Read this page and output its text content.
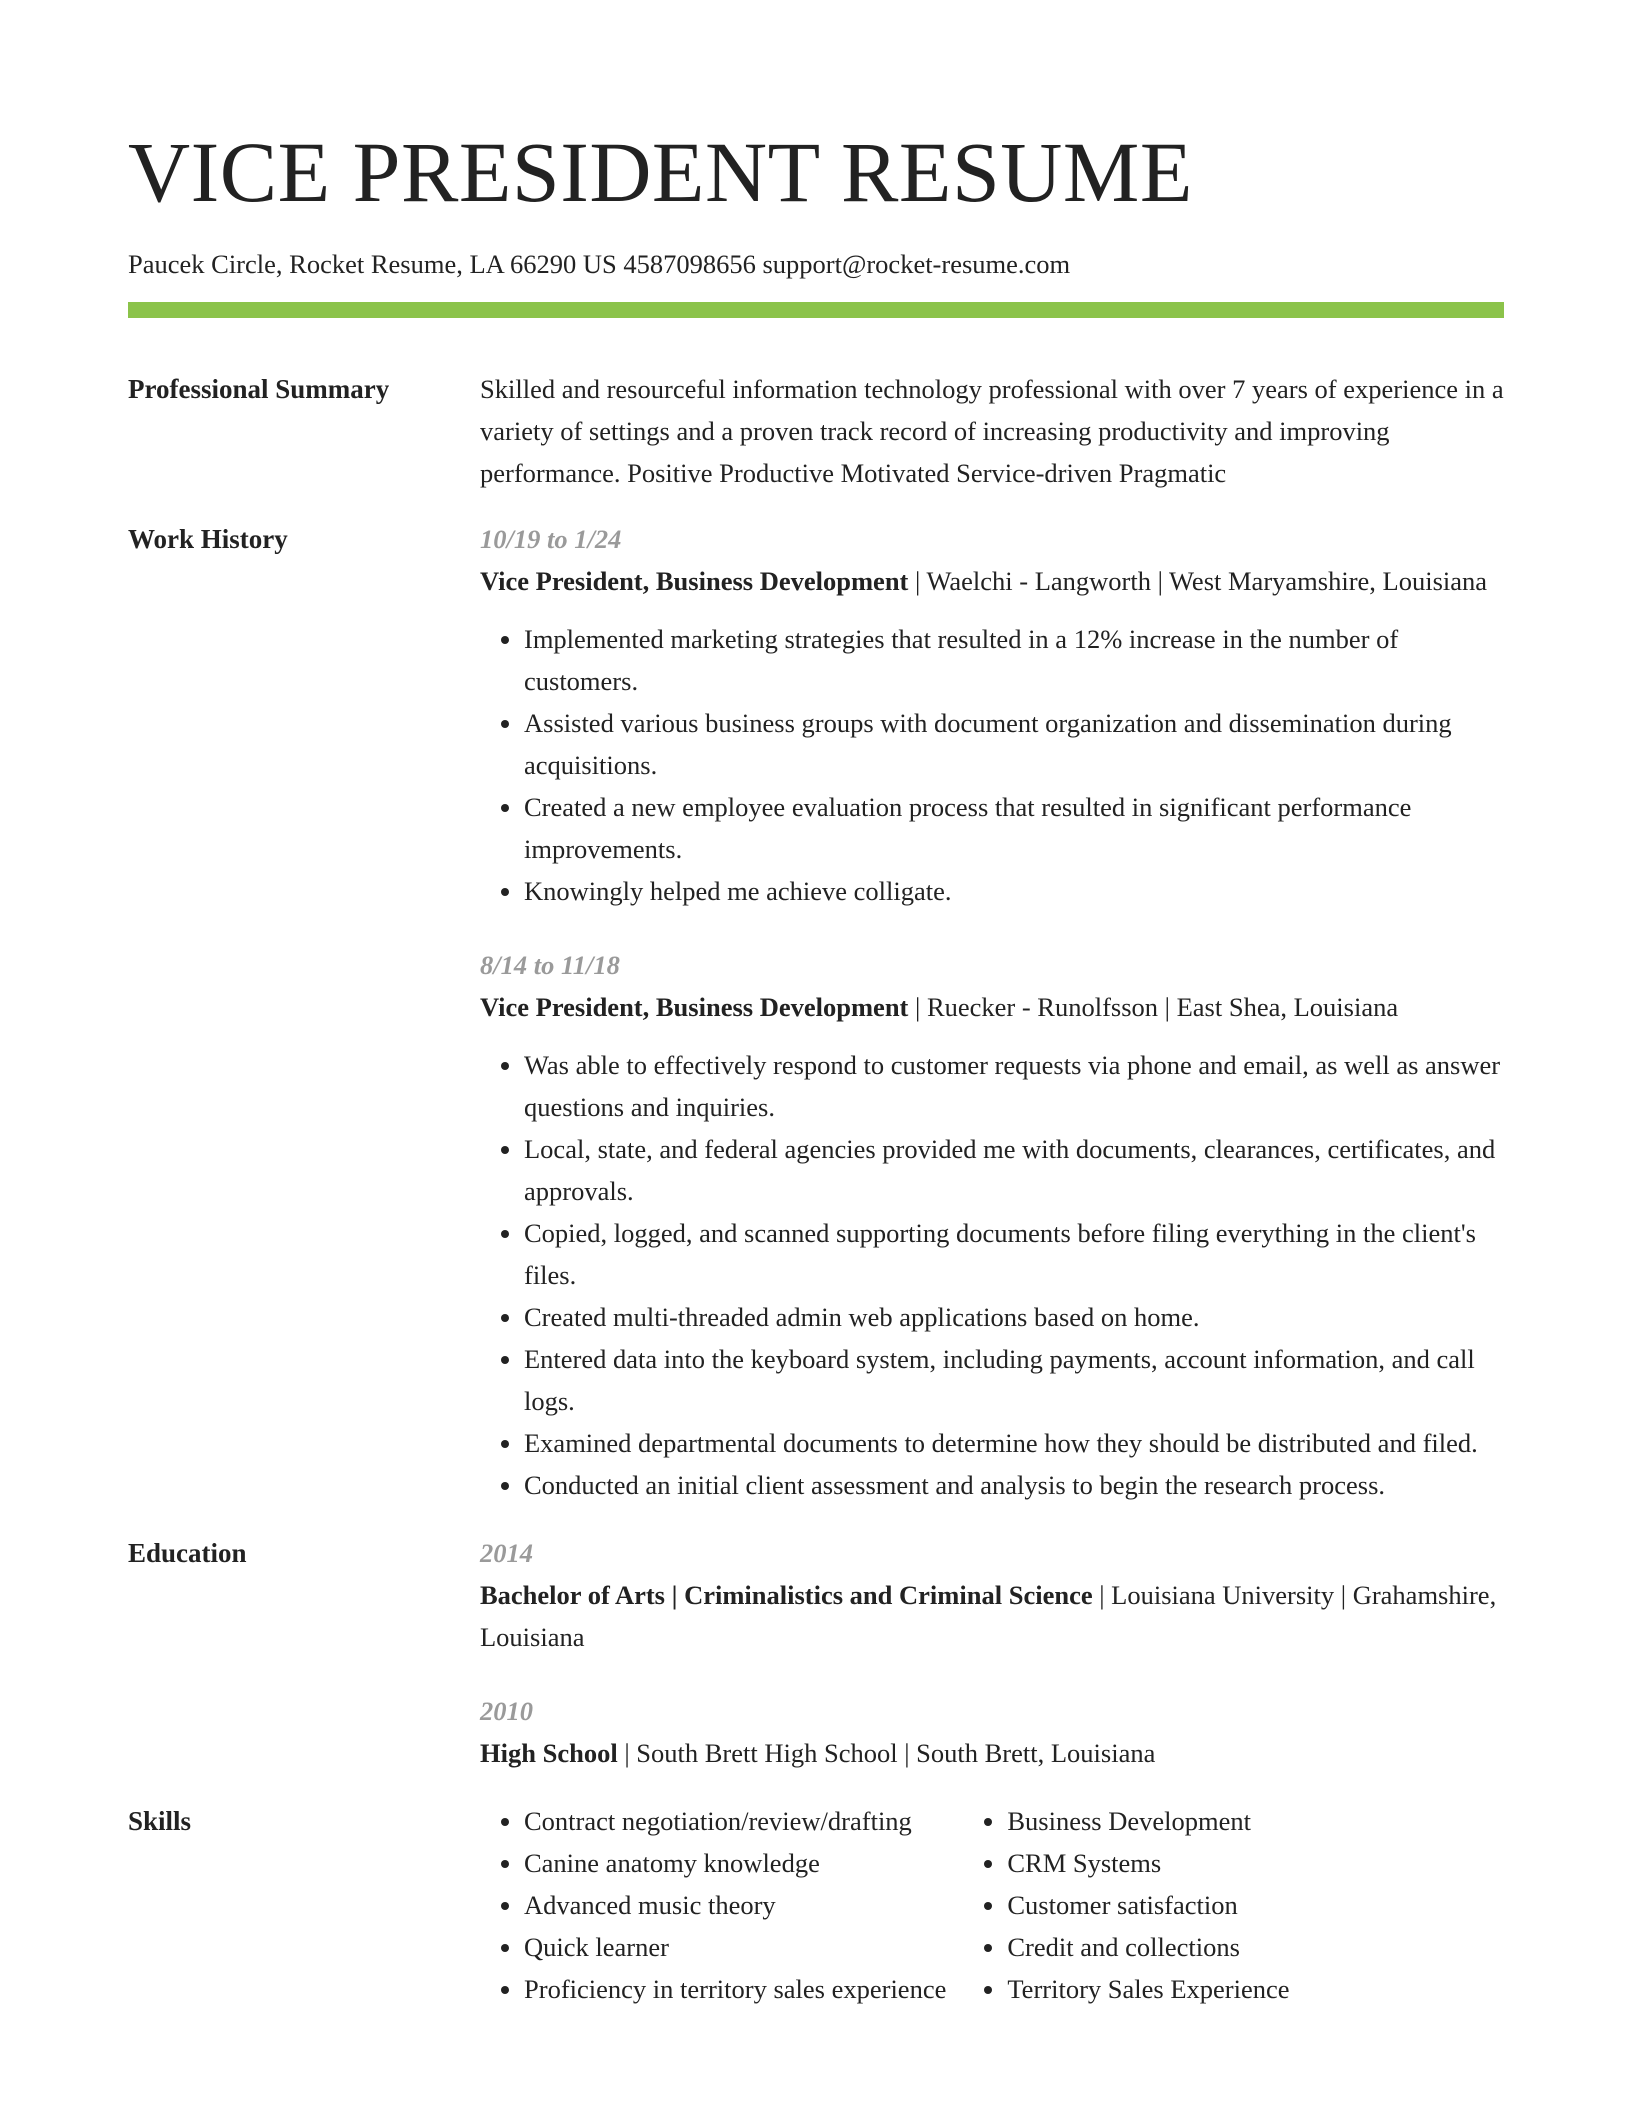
VICE PRESIDENT RESUME
Paucek Circle, Rocket Resume, LA 66290 US 4587098656 support@rocket-resume.com
Professional Summary	Skilled and resourceful information technology professional with over 7 years of experience in a variety of settings and a proven track record of increasing productivity and improving performance. Positive Productive Motivated Service-driven Pragmatic
Work History	10/19 to 1/24
Vice President, Business Development | Waelchi - Langworth | West Maryamshire, Louisiana
• Implemented marketing strategies that resulted in a 12% increase in the number of customers.
• Assisted various business groups with document organization and dissemination during acquisitions.
• Created a new employee evaluation process that resulted in significant performance improvements.
• Knowingly helped me achieve colligate.
8/14 to 11/18
Vice President, Business Development | Ruecker - Runolfsson | East Shea, Louisiana
• Was able to effectively respond to customer requests via phone and email, as well as answer questions and inquiries.
• Local, state, and federal agencies provided me with documents, clearances, certificates, and approvals.
• Copied, logged, and scanned supporting documents before filing everything in the client's files.
• Created multi-threaded admin web applications based on home.
• Entered data into the keyboard system, including payments, account information, and call logs.
• Examined departmental documents to determine how they should be distributed and filed.
• Conducted an initial client assessment and analysis to begin the research process.
Education	2014
Bachelor of Arts | Criminalistics and Criminal Science | Louisiana University | Grahamshire, Louisiana
2010
High School | South Brett High School | South Brett, Louisiana
Skills
•	Contract negotiation/review/drafting
• Canine anatomy knowledge
• Advanced music theory
• Quick learner
• Proficiency in territory sales experience
• Business Development
• CRM Systems
• Customer satisfaction
• Credit and collections
• Territory Sales Experience
